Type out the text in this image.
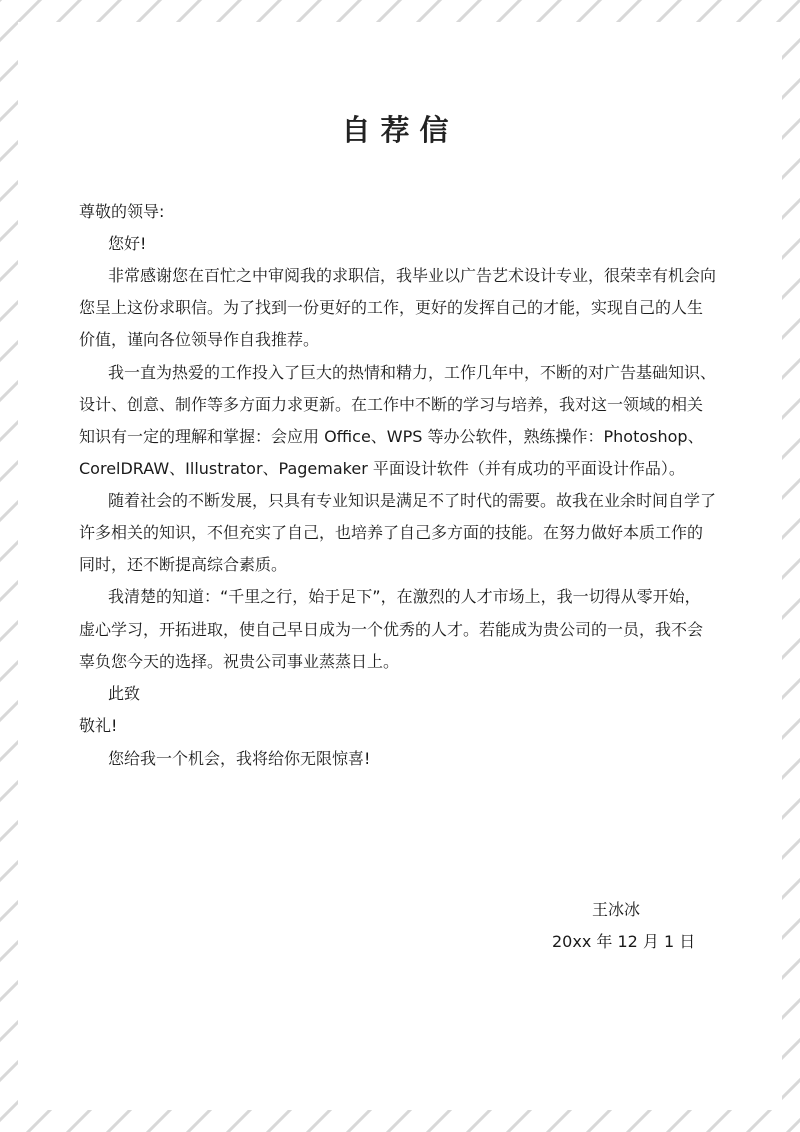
自荐信
尊敬的领导:
您好!
非常感谢您在百忙之中审阅我的求职信，我毕业以广告艺术设计专业，很荣幸有机会向
您呈上这份求职信。为了找到一份更好的工作，更好的发挥自己的才能，实现自己的人生
价值，谨向各位领导作自我推荐。
我一直为热爱的工作投入了巨大的热情和精力，工作几年中，不断的对广告基础知识、
设计、创意、制作等多方面力求更新。在工作中不断的学习与培养，我对这一领域的相关
知识有一定的理解和掌握：会应用 Office、WPS 等办公软件，熟练操作：Photoshop、
CorelDRAW、Illustrator、Pagemaker 平面设计软件（并有成功的平面设计作品）。
随着社会的不断发展，只具有专业知识是满足不了时代的需要。故我在业余时间自学了
许多相关的知识，不但充实了自己，也培养了自己多方面的技能。在努力做好本质工作的
同时，还不断提高综合素质。
我清楚的知道：“千里之行，始于足下”，在激烈的人才市场上，我一切得从零开始，
虚心学习，开拓进取，使自己早日成为一个优秀的人才。若能成为贵公司的一员，我不会
辜负您今天的选择。祝贵公司事业蒸蒸日上。
此致
敬礼!
您给我一个机会，我将给你无限惊喜!
王冰冰
20xx 年 12 月 1 日
